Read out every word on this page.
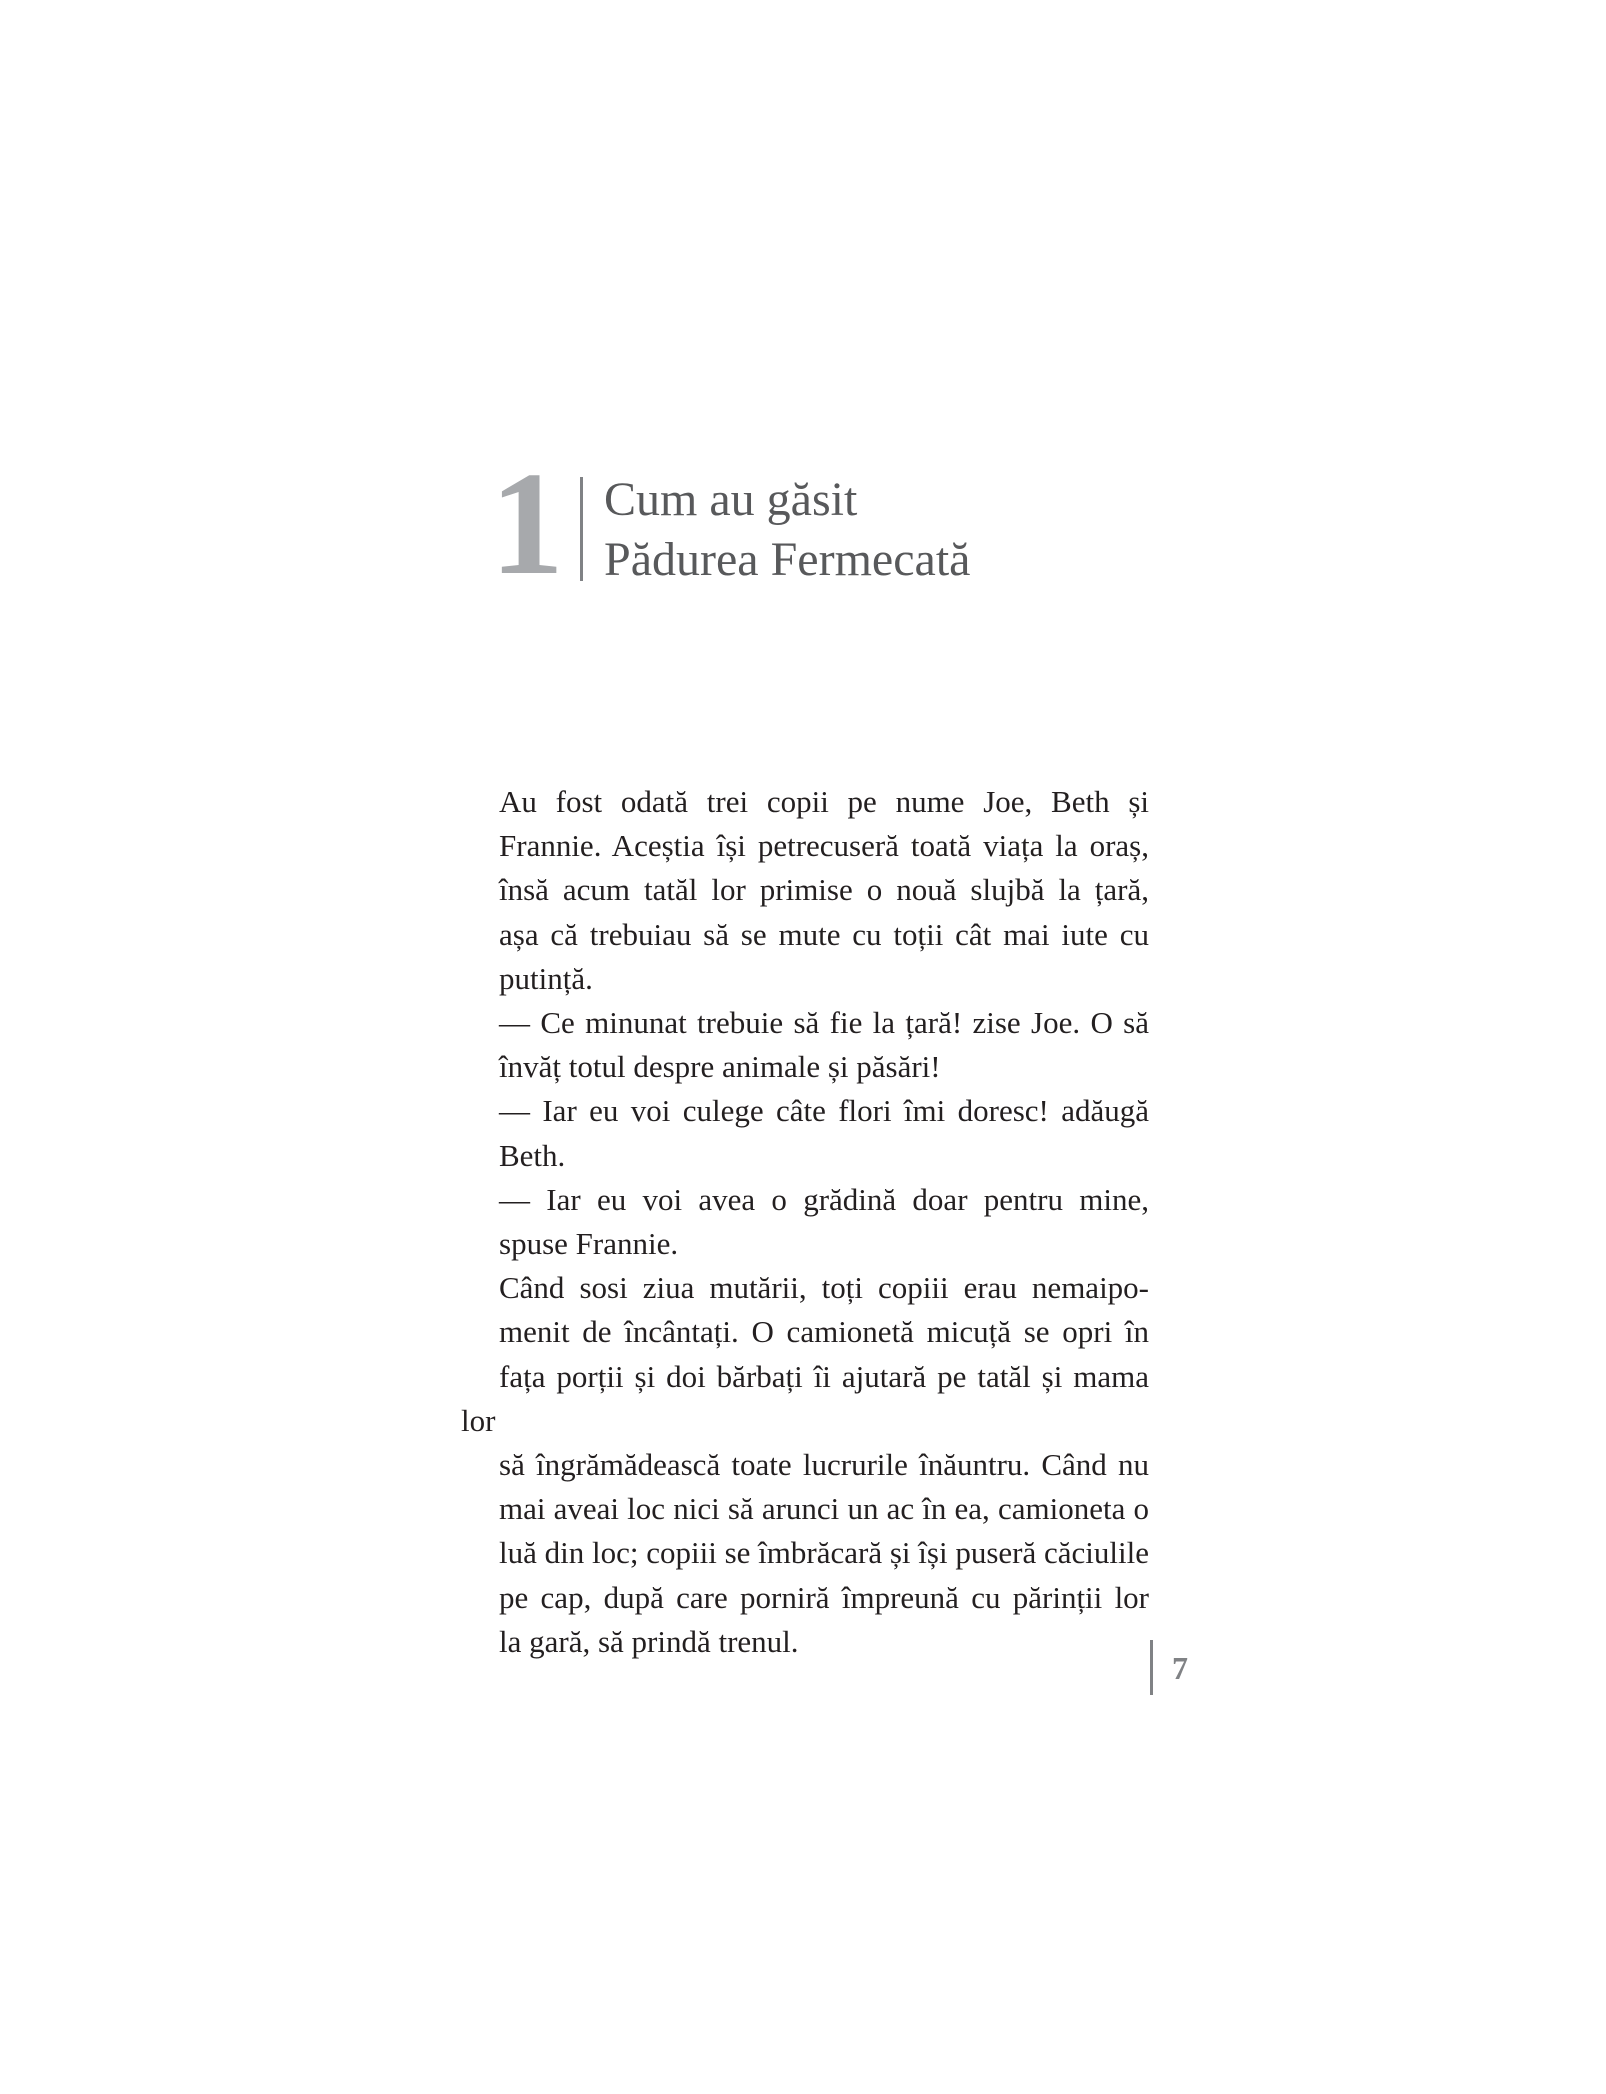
1 Cum au găsit
Pădurea Fermecată

Au fost odată trei copii pe nume Joe, Beth și
Frannie. Aceștia își petrecuseră toată viața la oraș,
însă acum tatăl lor primise o nouă slujbă la țară,
așa că trebuiau să se mute cu toții cât mai iute cu
putință.

— Ce minunat trebuie să fie la țară! zise Joe. O să
învăț totul despre animale și păsări!

— Iar eu voi culege câte flori îmi doresc! adăugă
Beth.

— Iar eu voi avea o grădină doar pentru mine,
spuse Frannie.

Când sosi ziua mutării, toți copiii erau nemaipo-
menit de încântați. O camionetă micuță se opri în
fața porții și doi bărbați îi ajutară pe tatăl și mama lor
să îngrămădească toate lucrurile înăuntru. Când nu
mai aveai loc nici să arunci un ac în ea, camioneta o
luă din loc; copiii se îmbrăcară și își puseră căciulile
pe cap, după care porniră împreună cu părinții lor
la gară, să prindă trenul.

7
